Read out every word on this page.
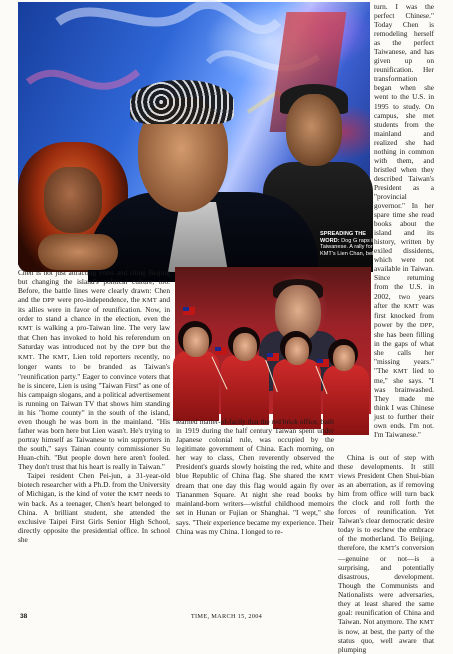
SPREADING THE WORD: Dog G raps in Taiwanese. A rally for the KMT's Lien Chan, below

Chen is not just attracting votes and riling Beijing but changing the island's political culture, too. Before, the battle lines were clearly drawn: Chen and the DPP were pro-independence, the KMT and its allies were in favor of reunification. Now, in order to stand a chance in the election, even the KMT is walking a pro-Taiwan line. The very law that Chen has invoked to hold his referendum on Saturday was introduced not by the DPP but the KMT. The KMT, Lien told reporters recently, no longer wants to be branded as Taiwan's "reunification party." Eager to convince voters that he is sincere, Lien is using "Taiwan First" as one of his campaign slogans, and a political advertisement is running on Taiwan TV that shows him standing in his "home county" in the south of the island, even though he was born in the mainland. "His father was born here but Lien wasn't. He's trying to portray himself as Taiwanese to win supporters in the south," says Tainan county commissioner Su Huan-chih. "But people down here aren't fooled. They don't trust that his heart is really in Taiwan."

Taipei resident Chen Pei-jun, a 31-year-old biotech researcher with a Ph.D. from the University of Michigan, is the kind of voter the KMT needs to win back. As a teenager, Chen's heart belonged to China. A brilliant student, she attended the exclusive Taipei First Girls Senior High School, directly opposite the presidential office. In school she

learned matter-of-factly that the red brick office, built in 1919 during the half century Taiwan spent under Japanese colonial rule, was occupied by the legitimate government of China. Each morning, on her way to class, Chen reverently observed the President's guards slowly hoisting the red, white and blue Republic of China flag. She shared the KMT dream that one day this flag would again fly over Tiananmen Square. At night she read books by mainland-born writers—wistful childhood memoirs set in Hunan or Fujian or Shanghai. "I wept," she says. "Their experience became my experience. Their China was my China. I longed to re-

turn. I was the perfect Chinese." Today Chen is remodeling herself as the perfect Taiwanese, and has given up on reunification. Her transformation began when she went to the U.S. in 1995 to study. On campus, she met students from the mainland and realized she had nothing in common with them, and bristled when they described Taiwan's President as a "provincial governor." In her spare time she read books about the island and its history, written by exiled dissidents, which were not available in Taiwan. Since returning from the U.S. in 2002, two years after the KMT was first knocked from power by the DPP, she has been filling in the gaps of what she calls her "missing years." "The KMT lied to me," she says. "I was brainwashed. They made me think I was Chinese just to further their own ends. I'm not. I'm Taiwanese."

China is out of step with these developments. It still views President Chen Shui-bian as an aberration, as if removing him from office will turn back the clock and roll forth the forces of reunification. Yet Taiwan's clear democratic desire today is to eschew the embrace of the motherland. To Beijing, therefore, the KMT's conversion—genuine or not—is a surprising, and potentially disastrous, development. Though the Communists and Nationalists were adversaries, they at least shared the same goal: reunification of China and Taiwan. Not anymore. The KMT is now, at best, the party of the status quo, well aware that plumping

38	TIME, MARCH 15, 2004
